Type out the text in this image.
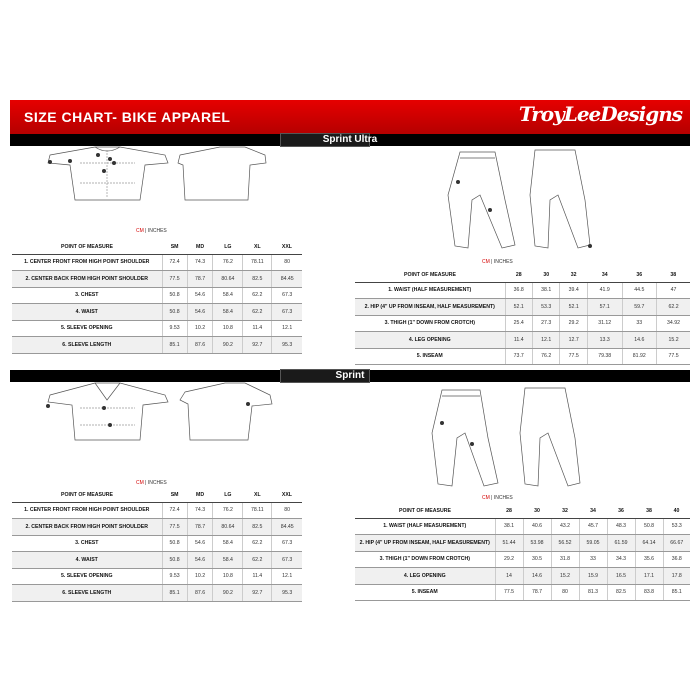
SIZE CHART- BIKE APPAREL	TroyLeeDesigns
Sprint Ultra
CM | INCHES
POINT OF MEASURE	SM	MD	LG	XL	XXL
1. CENTER FRONT FROM HIGH POINT SHOULDER	72.4	74.3	76.2	78.11	80
2. CENTER BACK FROM HIGH POINT SHOULDER	77.5	78.7	80.64	82.5	84.45
3. CHEST	50.8	54.6	58.4	62.2	67.3
4. WAIST	50.8	54.6	58.4	62.2	67.3
5. SLEEVE OPENING	9.53	10.2	10.8	11.4	12.1
6. SLEEVE LENGTH	85.1	87.6	90.2	92.7	95.3
CM | INCHES
POINT OF MEASURE	28	30	32	34	36	38
1. WAIST (HALF MEASUREMENT)	36.8	38.1	39.4	41.9	44.5	47
2. HIP (4" UP FROM INSEAM, HALF MEASUREMENT)	52.1	53.3	52.1	57.1	59.7	62.2
3. THIGH (1" DOWN FROM CROTCH)	25.4	27.3	29.2	31.12	33	34.92
4. LEG OPENING	11.4	12.1	12.7	13.3	14.6	15.2
5. INSEAM	73.7	76.2	77.5	79.38	81.92	77.5
Sprint
CM | INCHES
POINT OF MEASURE	SM	MD	LG	XL	XXL
1. CENTER FRONT FROM HIGH POINT SHOULDER	72.4	74.3	76.2	78.11	80
2. CENTER BACK FROM HIGH POINT SHOULDER	77.5	78.7	80.64	82.5	84.45
3. CHEST	50.8	54.6	58.4	62.2	67.3
4. WAIST	50.8	54.6	58.4	62.2	67.3
5. SLEEVE OPENING	9.53	10.2	10.8	11.4	12.1
6. SLEEVE LENGTH	85.1	87.6	90.2	92.7	95.3
CM | INCHES
POINT OF MEASURE	28	30	32	34	36	38	40
1. WAIST (HALF MEASUREMENT)	38.1	40.6	43.2	45.7	48.3	50.8	53.3
2. HIP (4" UP FROM INSEAM, HALF MEASUREMENT)	51.44	53.98	56.52	59.05	61.59	64.14	66.67
3. THIGH (1" DOWN FROM CROTCH)	29.2	30.5	31.8	33	34.3	35.6	36.8
4. LEG OPENING	14	14.6	15.2	15.9	16.5	17.1	17.8
5. INSEAM	77.5	78.7	80	81.3	82.5	83.8	85.1
